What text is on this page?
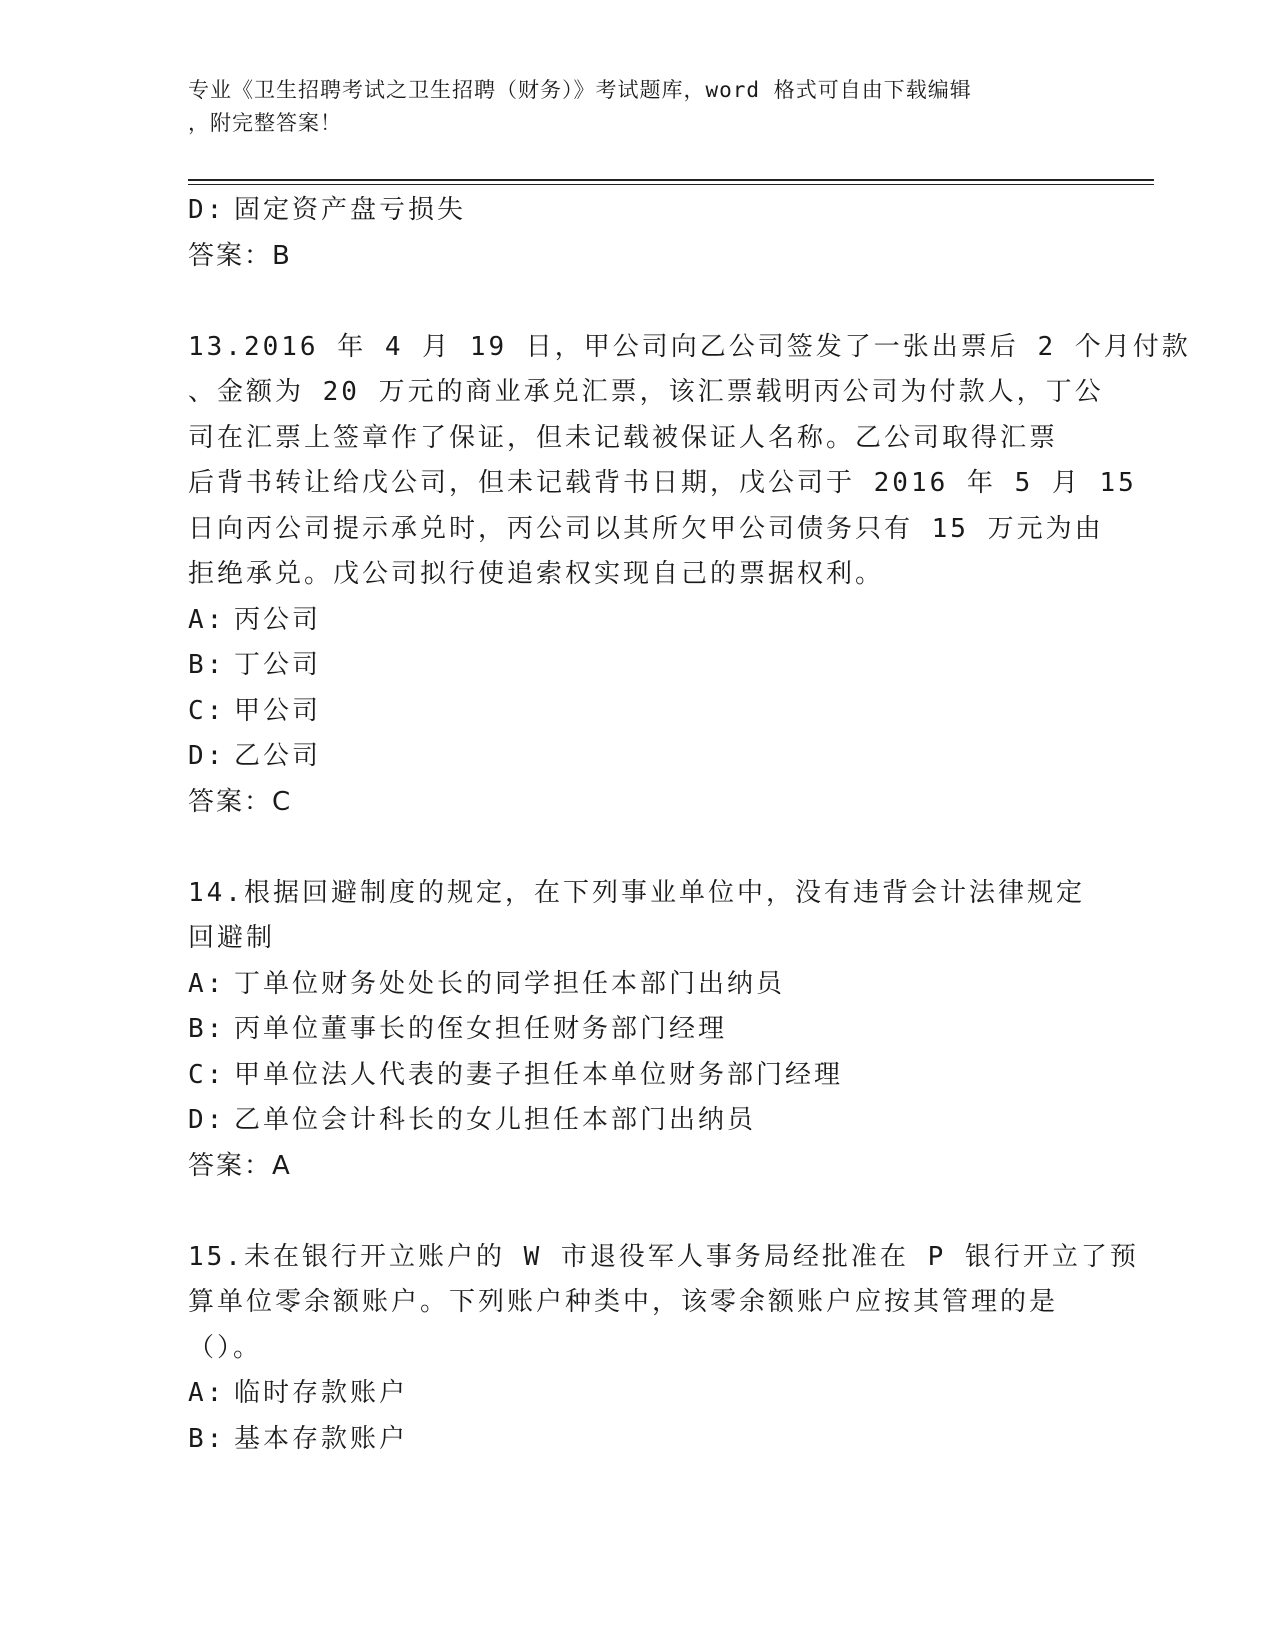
专业《卫生招聘考试之卫生招聘（财务）》考试题库，word 格式可自由下载编辑
，附完整答案！
D: 固定资产盘亏损失
答案：B
13.2016 年 4 月 19 日，甲公司向乙公司签发了一张出票后 2 个月付款
、金额为 20 万元的商业承兑汇票，该汇票载明丙公司为付款人，丁公
司在汇票上签章作了保证，但未记载被保证人名称。乙公司取得汇票
后背书转让给戊公司，但未记载背书日期，戊公司于 2016 年 5 月 15
日向丙公司提示承兑时，丙公司以其所欠甲公司债务只有 15 万元为由
拒绝承兑。戊公司拟行使追索权实现自己的票据权利。
A: 丙公司
B: 丁公司
C: 甲公司
D: 乙公司
答案：C
14.根据回避制度的规定，在下列事业单位中，没有违背会计法律规定
回避制
A: 丁单位财务处处长的同学担任本部门出纳员
B: 丙单位董事长的侄女担任财务部门经理
C: 甲单位法人代表的妻子担任本单位财务部门经理
D: 乙单位会计科长的女儿担任本部门出纳员
答案：A
15.未在银行开立账户的 W 市退役军人事务局经批准在 P 银行开立了预
算单位零余额账户。下列账户种类中，该零余额账户应按其管理的是
（）。
A: 临时存款账户
B: 基本存款账户
